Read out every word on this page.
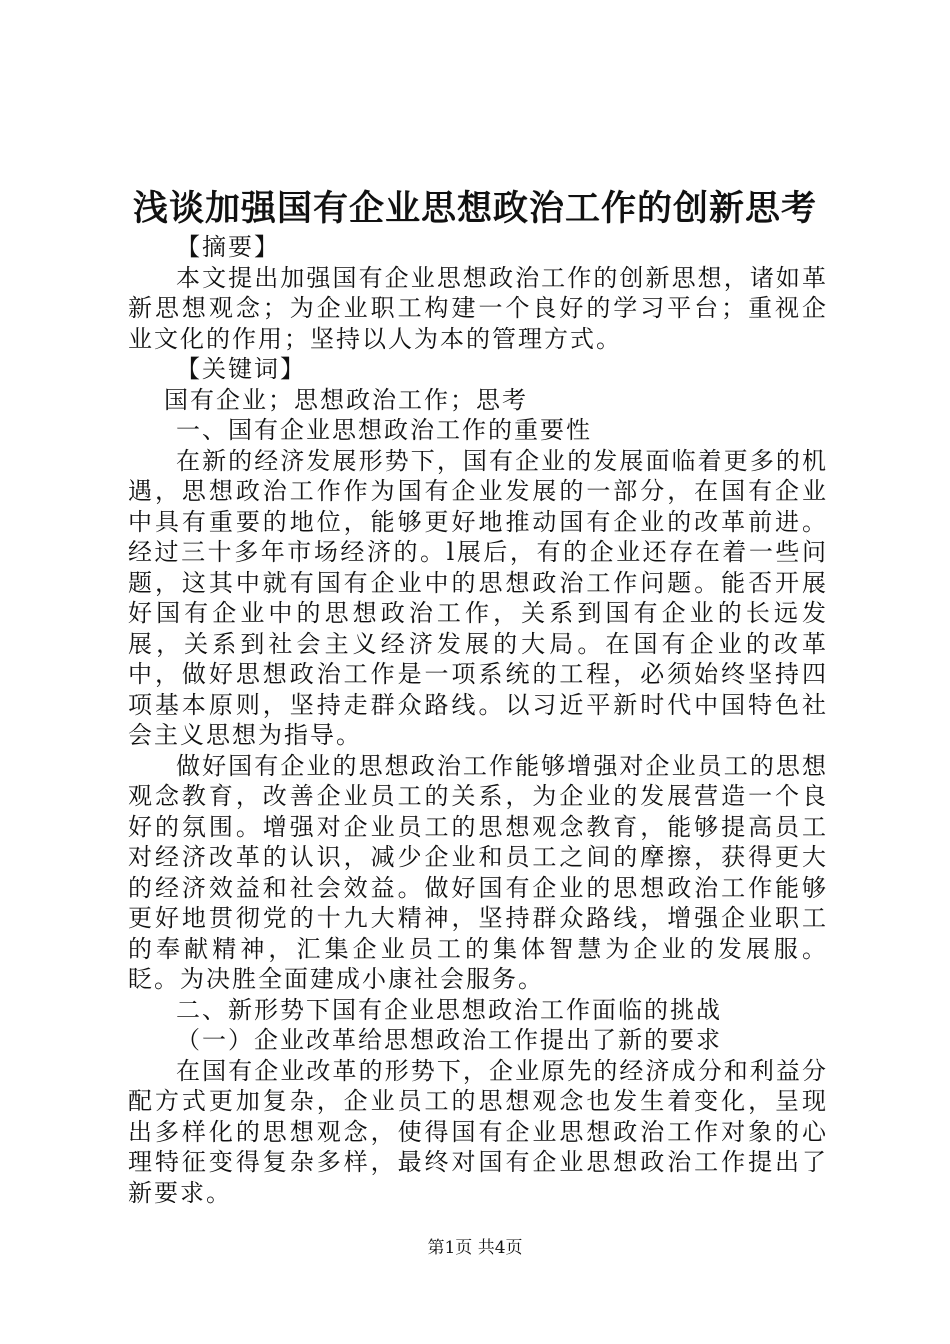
浅谈加强国有企业思想政治工作的创新思考

【摘要】

本文提出加强国有企业思想政治工作的创新思想，诸如革新思想观念；为企业职工构建一个良好的学习平台；重视企业文化的作用；坚持以人为本的管理方式。

【关键词】

国有企业；思想政治工作；思考

一、国有企业思想政治工作的重要性

在新的经济发展形势下，国有企业的发展面临着更多的机遇，思想政治工作作为国有企业发展的一部分，在国有企业中具有重要的地位，能够更好地推动国有企业的改革前进。经过三十多年市场经济的。l展后，有的企业还存在着一些问题，这其中就有国有企业中的思想政治工作问题。能否开展好国有企业中的思想政治工作，关系到国有企业的长远发展，关系到社会主义经济发展的大局。在国有企业的改革中，做好思想政治工作是一项系统的工程，必须始终坚持四项基本原则，坚持走群众路线。以习近平新时代中国特色社会主义思想为指导。

做好国有企业的思想政治工作能够增强对企业员工的思想观念教育，改善企业员工的关系，为企业的发展营造一个良好的氛围。增强对企业员工的思想观念教育，能够提高员工对经济改革的认识，减少企业和员工之间的摩擦，获得更大的经济效益和社会效益。做好国有企业的思想政治工作能够更好地贯彻党的十九大精神，坚持群众路线，增强企业职工的奉献精神，汇集企业员工的集体智慧为企业的发展服。眨。为决胜全面建成小康社会服务。

二、新形势下国有企业思想政治工作面临的挑战

（一）企业改革给思想政治工作提出了新的要求

在国有企业改革的形势下，企业原先的经济成分和利益分配方式更加复杂，企业员工的思想观念也发生着变化，呈现出多样化的思想观念，使得国有企业思想政治工作对象的心理特征变得复杂多样，最终对国有企业思想政治工作提出了新要求。

第1页 共4页
